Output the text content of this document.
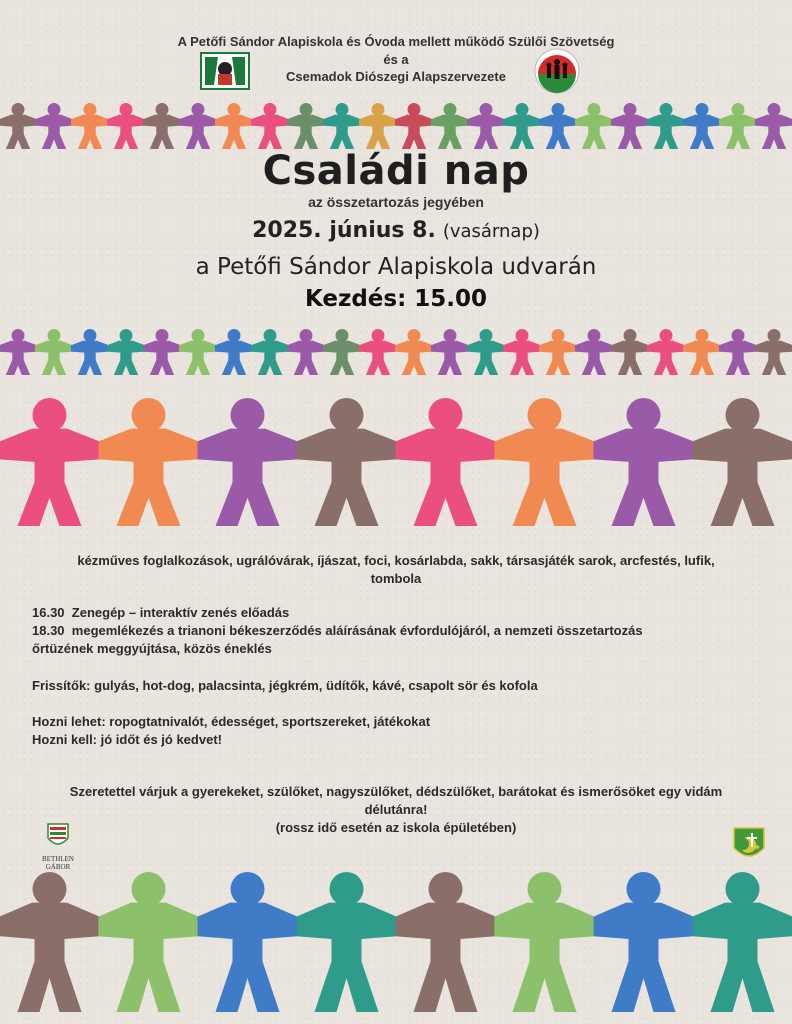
A Petőfi Sándor Alapiskola és Óvoda mellett működő Szülői Szövetség
és a
Csemadok Diószegi Alapszervezete
Családi nap
az összetartozás jegyében
2025. június 8. (vasárnap)
a Petőfi Sándor Alapiskola udvarán
Kezdés: 15.00
kézműves foglalkozások, ugrálóvárak, íjászat, foci, kosárlabda, sakk, társasjáték sarok, arcfestés, lufik,
tombola
16.30 Zenegép – interaktív zenés előadás
18.30 megemlékezés a trianoni békeszerződés aláírásának évfordulójáról, a nemzeti összetartozás
őrtüzének meggyújtása, közös éneklés
Frissítők: gulyás, hot-dog, palacsinta, jégkrém, üdítők, kávé, csapolt sör és kofola
Hozni lehet: ropogtatnivalót, édességet, sportszereket, játékokat
Hozni kell: jó időt és jó kedvet!
Szeretettel várjuk a gyerekeket, szülőket, nagyszülőket, dédszülőket, barátokat és ismerősöket egy vidám
délutánra!
(rossz idő esetén az iskola épületében)
BETHLEN GÁBOR
